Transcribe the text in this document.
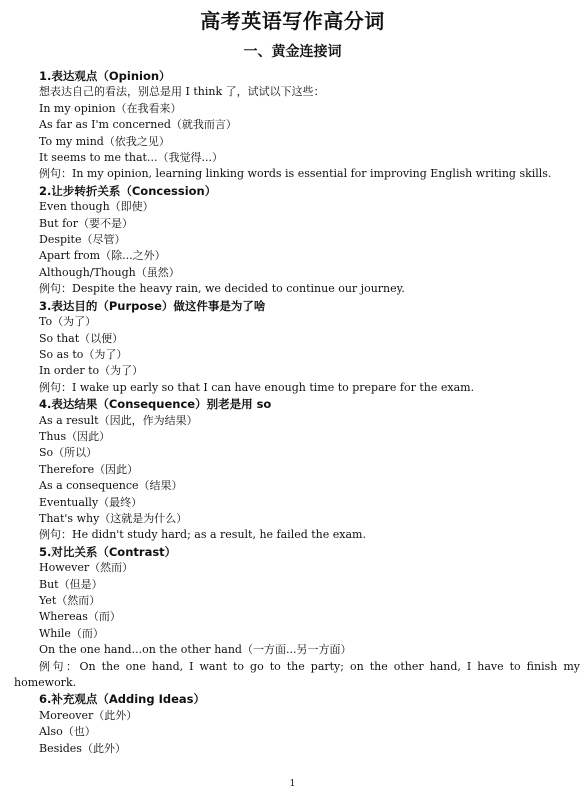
高考英语写作高分词
一、黄金连接词
1.表达观点（Opinion）
想表达自己的看法，别总是用 I think 了，试试以下这些：
In my opinion（在我看来）
As far as I'm concerned（就我而言）
To my mind（依我之见）
It seems to me that...（我觉得...）
例句：In my opinion, learning linking words is essential for improving English writing skills.
2.让步转折关系（Concession）
Even though（即使）
But for（要不是）
Despite（尽管）
Apart from（除...之外）
Although/Though（虽然）
例句：Despite the heavy rain, we decided to continue our journey.
3.表达目的（Purpose）做这件事是为了啥
To（为了）
So that（以便）
So as to（为了）
In order to（为了）
例句：I wake up early so that I can have enough time to prepare for the exam.
4.表达结果（Consequence）别老是用 so
As a result（因此，作为结果）
Thus（因此）
So（所以）
Therefore（因此）
As a consequence（结果）
Eventually（最终）
That's why（这就是为什么）
例句：He didn't study hard; as a result, he failed the exam.
5.对比关系（Contrast）
However（然而）
But（但是）
Yet（然而）
Whereas（而）
While（而）
On the one hand...on the other hand（一方面...另一方面）
例句：On the one hand, I want to go to the party; on the other hand, I have to finish my homework.
6.补充观点（Adding Ideas）
Moreover（此外）
Also（也）
Besides（此外）
1
